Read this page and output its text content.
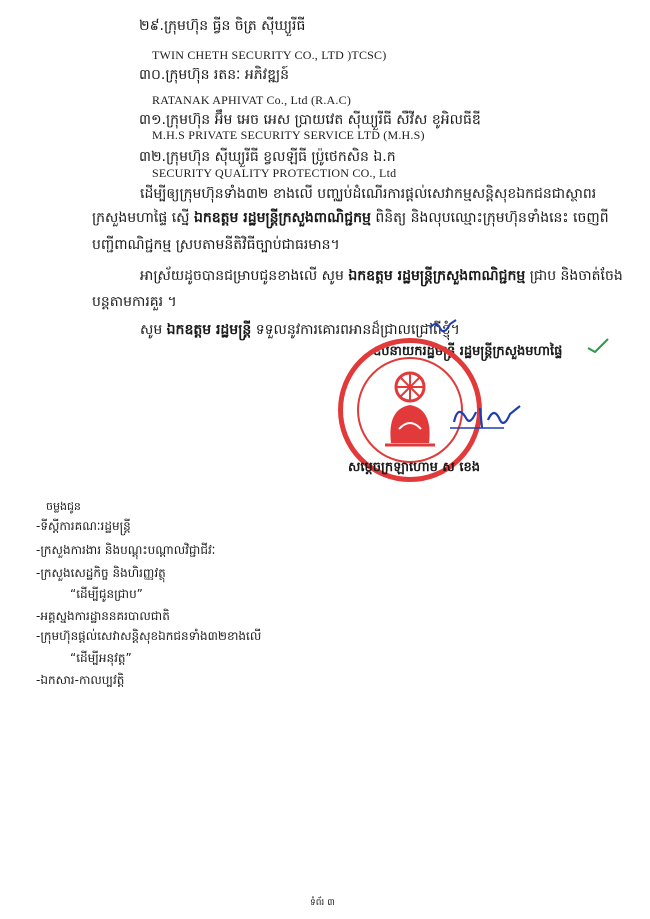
២៩.ក្រុមហ៊ុន ធ្វីន ចិត្រ ស៊ីឃ្យួរីធី
TWIN CHETH SECURITY CO., LTD )TCSC)
៣០.ក្រុមហ៊ុន រតនៈ អភិវឌ្ឍន៍
RATANAK APHIVAT Co., Ltd (R.A.C)
៣១.ក្រុមហ៊ុន អ៊ឹម អេច អេស ប្រាយវេត ស៊ីឃ្យួរីធី សឺវីស ខូអិលធីឌី
M.H.S PRIVATE SECURITY SERVICE LTD (M.H.S)
៣២.ក្រុមហ៊ុន ស៊ីឃ្យួរីធី ខ្វលឡីធី ប្រ៉ូថេកសិន ឯ.ក
SECURITY QUALITY PROTECTION CO., Ltd
ដើម្បីឲ្យក្រុមហ៊ុនទាំង៣២ ខាងលើ បញ្ឈប់ដំណើរការផ្តល់សេវាកម្មសន្តិសុខឯកជនជាស្ថាពរ
ក្រសួងមហាផ្ទៃ ស្នើ ឯកឧត្តម រដ្ឋមន្ត្រីក្រសួងពាណិជ្ជកម្ម ពិនិត្យ និងលុបឈ្មោះក្រុមហ៊ុនទាំងនេះ ចេញពី
បញ្ជីពាណិជ្ជកម្ម ស្របតាមនីតិវិធីច្បាប់ជាធរមាន។
អាស្រ័យដូចបានជម្រាបជូនខាងលើ សូម ឯកឧត្តម រដ្ឋមន្ត្រីក្រសួងពាណិជ្ជកម្ម ជ្រាប និងចាត់ចែង
បន្តតាមការគួរ ។
សូម ឯកឧត្តម រដ្ឋមន្ត្រី ទទួលនូវការគោរពអានដ៏ជ្រាលជ្រៅពីខ្ញុំ។
ឧបនាយករដ្ឋមន្ត្រី រដ្ឋមន្ត្រីក្រសួងមហាផ្ទៃ
សម្តេចក្រឡាហោម ស ខេង
ចម្លងជូន
-ទីស្តីការគណៈរដ្ឋមន្ត្រី
-ក្រសួងការងារ និងបណ្តុះបណ្តាលវិជ្ជាជីវៈ
-ក្រសួងសេដ្ឋកិច្ច និងហិរញ្ញវត្ថុ
“ដើម្បីជូនជ្រាប”
-អគ្គស្នងការដ្ឋាននគរបាលជាតិ
-ក្រុមហ៊ុនផ្តល់សេវាសន្តិសុខឯកជនទាំង៣២ខាងលើ
“ដើម្បីអនុវត្ត”
-ឯកសារ-កាលប្បវត្តិ
ទំព័រ ៣
